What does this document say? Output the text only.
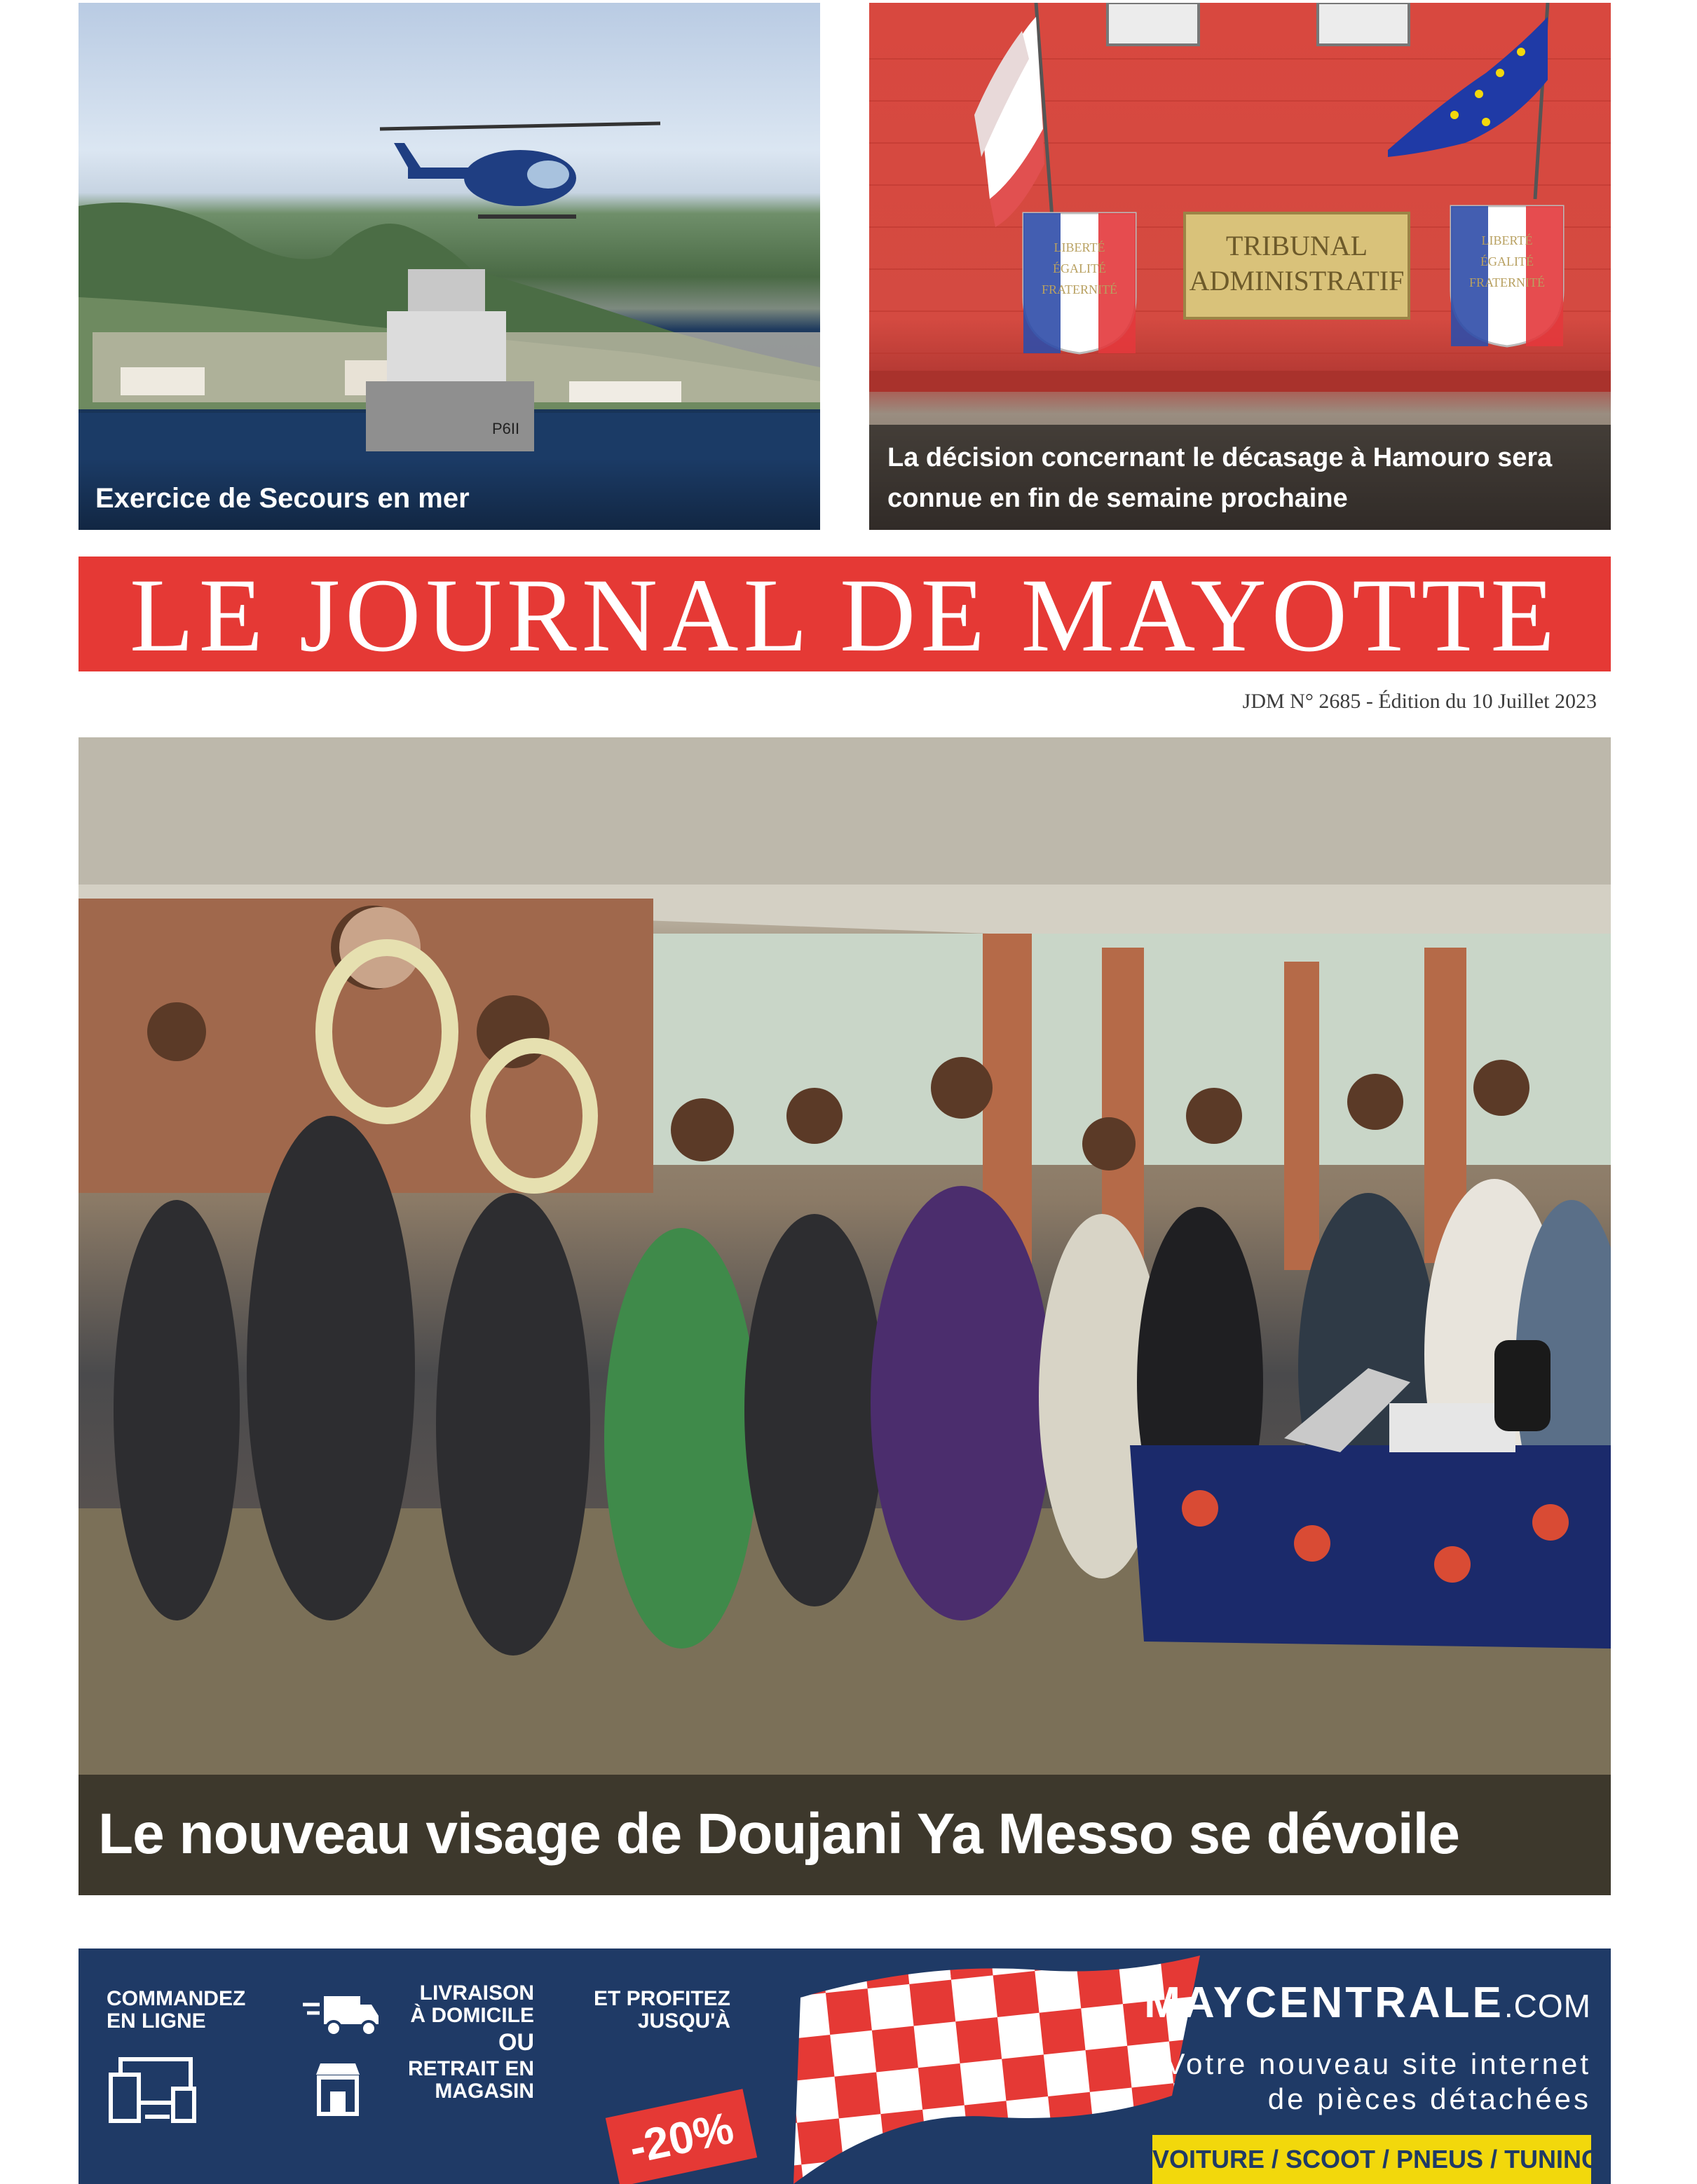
P6II
Exercice de Secours en mer
LIBERTÉ
ÉGALITÉ
FRATERNITÉ
TRIBUNAL
ADMINISTRATIF
LIBERTÉ
ÉGALITÉ
FRATERNITÉ
La décision concernant le décasage à Hamouro sera connue en fin de semaine prochaine
LE JOURNAL DE MAYOTTE
JDM N° 2685 - Édition du 10 Juillet 2023
Le nouveau visage de Doujani Ya Messo se dévoile
COMMANDEZ
EN LIGNE
LIVRAISON
À DOMICILE
OU
RETRAIT EN
MAGASIN
ET PROFITEZ
JUSQU'À
-20%
MAYCENTRALE.COM
Votre nouveau site internet
de pièces détachées
VOITURE / SCOOT / PNEUS / TUNING
